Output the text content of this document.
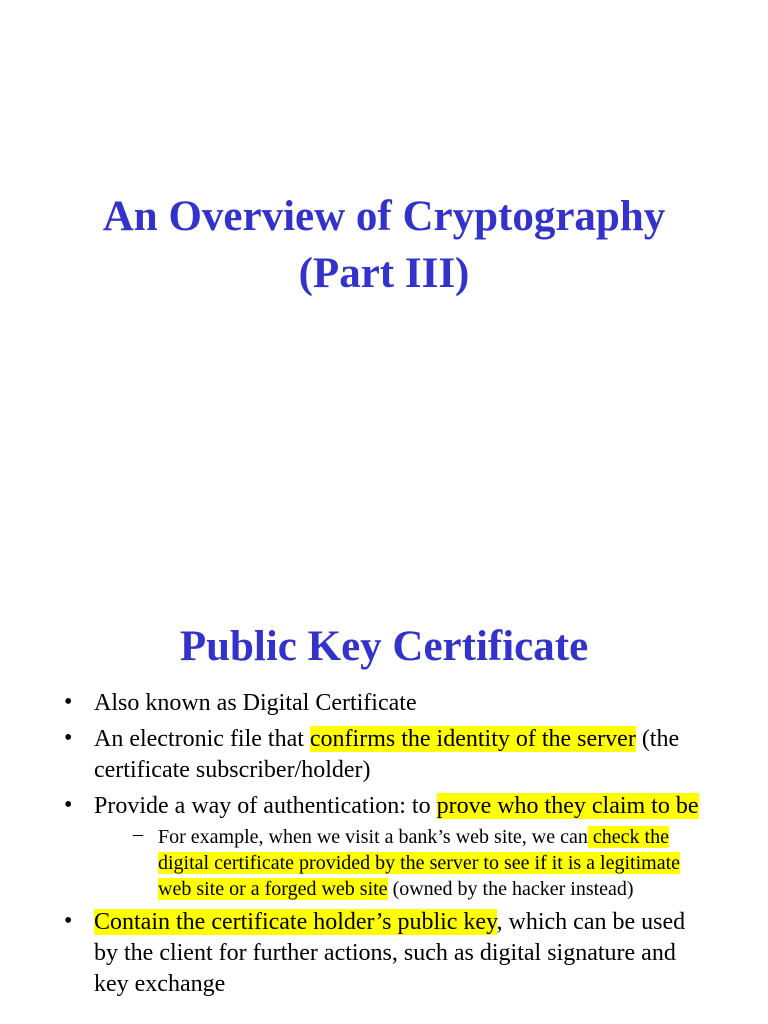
An Overview of Cryptography
(Part III)
Public Key Certificate
• Also known as Digital Certificate
• An electronic file that confirms the identity of the server (the certificate subscriber/holder)
• Provide a way of authentication: to prove who they claim to be
– For example, when we visit a bank’s web site, we can check the digital certificate provided by the server to see if it is a legitimate web site or a forged web site (owned by the hacker instead)
• Contain the certificate holder’s public key, which can be used by the client for further actions, such as digital signature and key exchange
